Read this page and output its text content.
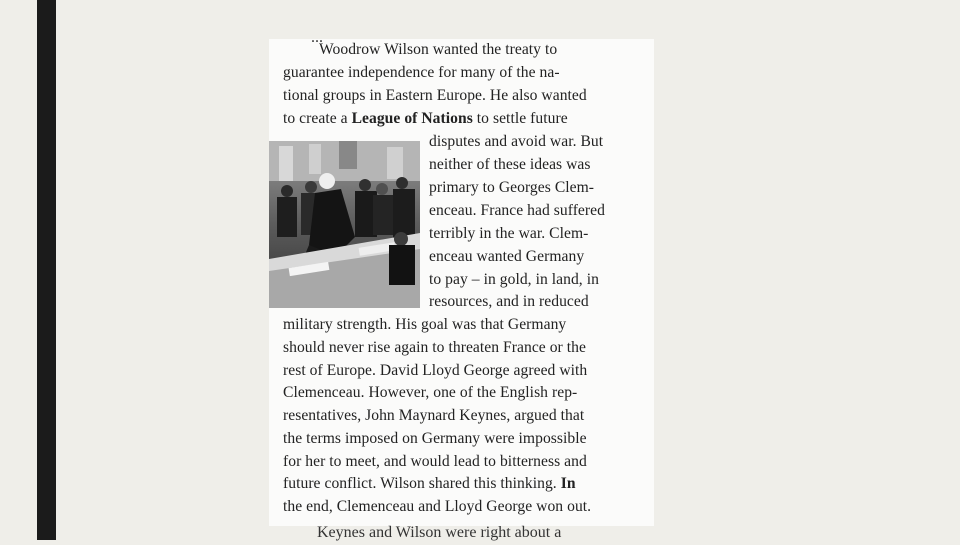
...
Woodrow Wilson wanted the treaty to
guarantee independence for many of the na-
tional groups in Eastern Europe. He also wanted
to create a League of Nations to settle future
disputes and avoid war. But
neither of these ideas was
primary to Georges Clem-
enceau. France had suffered
terribly in the war. Clem-
enceau wanted Germany
to pay – in gold, in land, in
resources, and in reduced
military strength. His goal was that Germany
should never rise again to threaten France or the
rest of Europe. David Lloyd George agreed with
Clemenceau. However, one of the English rep-
resentatives, John Maynard Keynes, argued that
the terms imposed on Germany were impossible
for her to meet, and would lead to bitterness and
future conflict. Wilson shared this thinking. In
the end, Clemenceau and Lloyd George won out.
Keynes and Wilson were right about a
